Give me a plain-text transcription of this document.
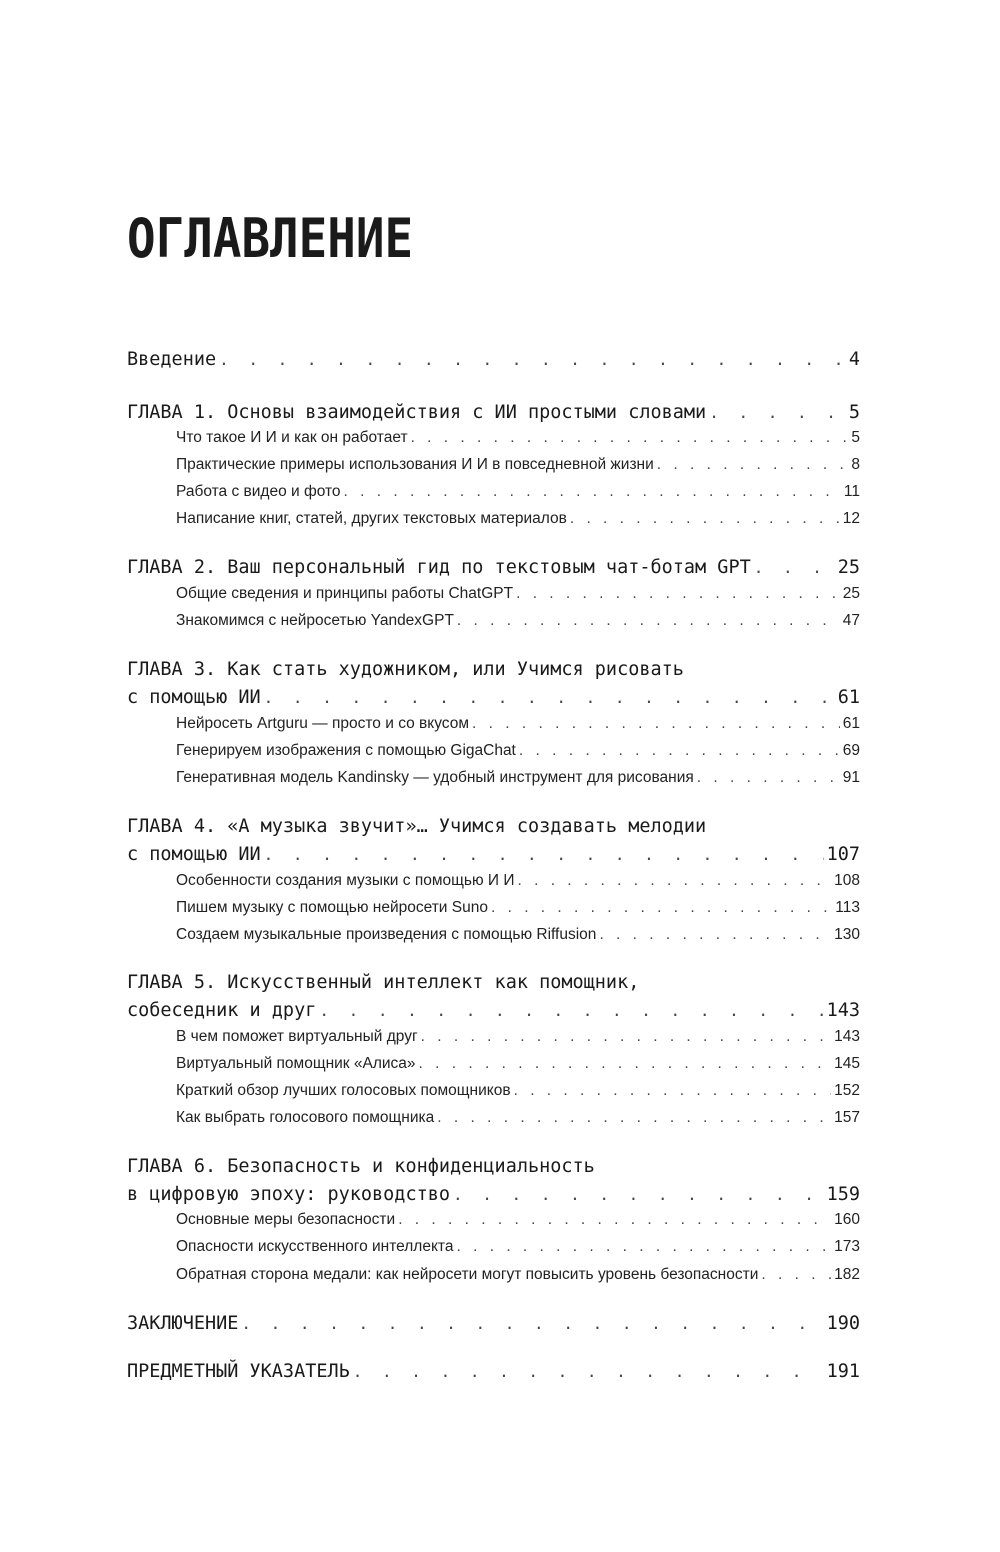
ОГЛАВЛЕНИЕ
Введение . . .	4
ГЛАВА 1. Основы взаимодействия с ИИ простыми словами . . .	5
Что такое И И и как он работает . . .	5
Практические примеры использования И И в повседневной жизни . . .	8
Работа с видео и фото . . .	11
Написание книг, статей, других текстовых материалов . . .	12
ГЛАВА 2. Ваш персональный гид по текстовым чат-ботам GPT . . .	25
Общие сведения и принципы работы ChatGPT . . .	25
Знакомимся с нейросетью YandexGPT . . .	47
ГЛАВА 3. Как стать художником, или Учимся рисовать
с помощью ИИ . . .	61
Нейросеть Artguru — просто и со вкусом . . .	61
Генерируем изображения с помощью GigaChat . . .	69
Генеративная модель Kandinsky — удобный инструмент для рисования . . .	91
ГЛАВА 4. «А музыка звучит»… Учимся создавать мелодии
с помощью ИИ . . .	107
Особенности создания музыки с помощью И И . . .	108
Пишем музыку с помощью нейросети Suno . . .	113
Создаем музыкальные произведения с помощью Riffusion . . .	130
ГЛАВА 5. Искусственный интеллект как помощник,
собеседник и друг . . .	143
В чем поможет виртуальный друг . . .	143
Виртуальный помощник «Алиса» . . .	145
Краткий обзор лучших голосовых помощников . . .	152
Как выбрать голосового помощника . . .	157
ГЛАВА 6. Безопасность и конфиденциальность
в цифровую эпоху: руководство . . .	159
Основные меры безопасности . . .	160
Опасности искусственного интеллекта . . .	173
Обратная сторона медали: как нейросети могут повысить уровень безопасности . . .	182
ЗАКЛЮЧЕНИЕ . . .	190
ПРЕДМЕТНЫЙ УКАЗАТЕЛЬ . . .	191
